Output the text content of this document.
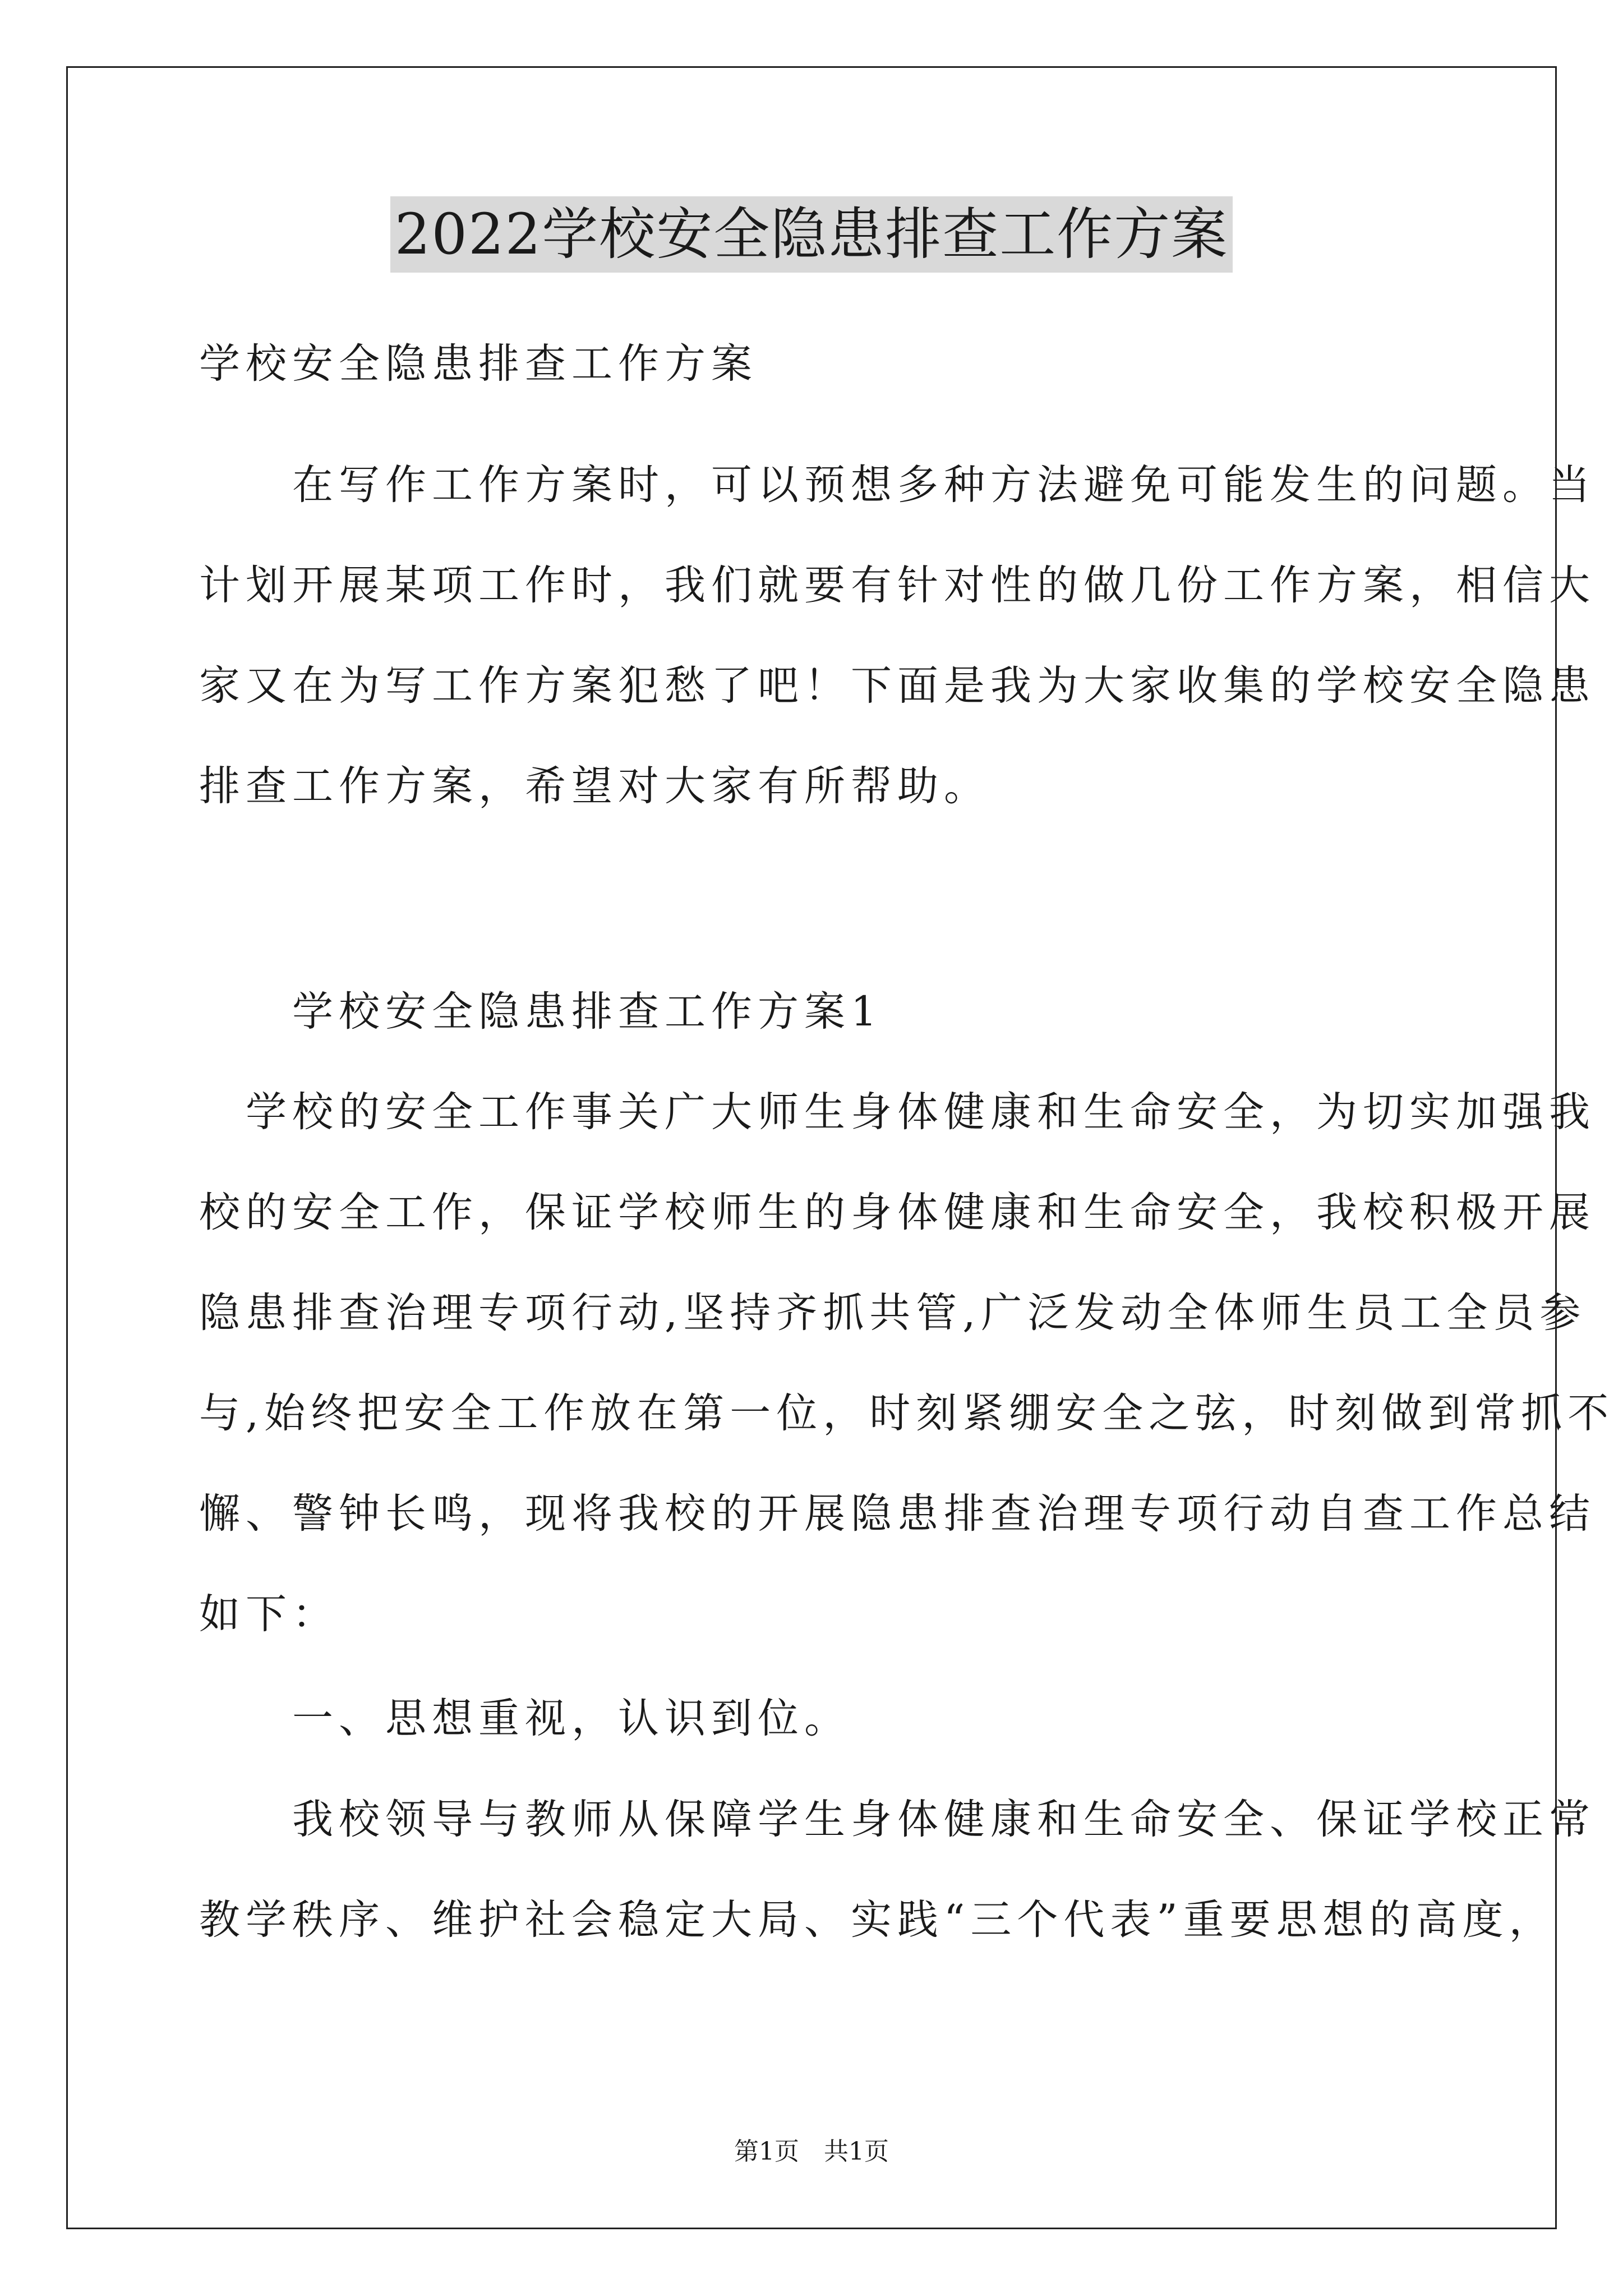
2022学校安全隐患排查工作方案
学校安全隐患排查工作方案
　　在写作工作方案时，可以预想多种方法避免可能发生的问题。当
计划开展某项工作时，我们就要有针对性的做几份工作方案，相信大
家又在为写工作方案犯愁了吧！下面是我为大家收集的学校安全隐患
排查工作方案，希望对大家有所帮助。
　　学校安全隐患排查工作方案1
　学校的安全工作事关广大师生身体健康和生命安全，为切实加强我
校的安全工作，保证学校师生的身体健康和生命安全，我校积极开展
隐患排查治理专项行动,坚持齐抓共管,广泛发动全体师生员工全员参
与,始终把安全工作放在第一位，时刻紧绷安全之弦，时刻做到常抓不
懈、警钟长鸣，现将我校的开展隐患排查治理专项行动自查工作总结
如下：
　　一、思想重视，认识到位。
　　我校领导与教师从保障学生身体健康和生命安全、保证学校正常
教学秩序、维护社会稳定大局、实践“三个代表”重要思想的高度，
第1页　共1页
